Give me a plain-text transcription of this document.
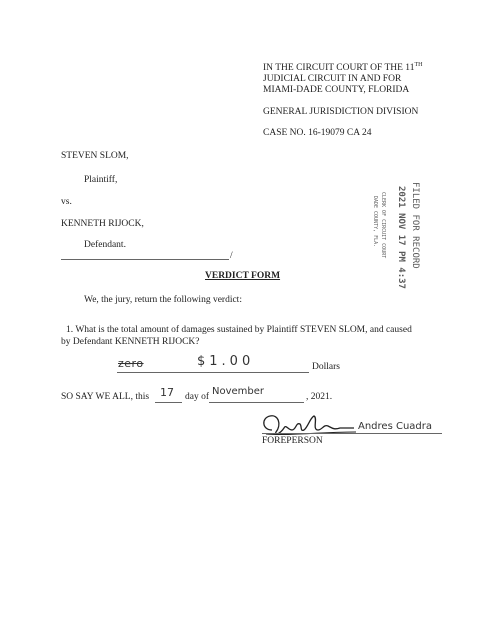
IN THE CIRCUIT COURT OF THE 11TH
JUDICIAL CIRCUIT IN AND FOR
MIAMI-DADE COUNTY, FLORIDA
GENERAL JURISDICTION DIVISION
CASE NO. 16-19079 CA 24
STEVEN SLOM,
Plaintiff,
vs.
KENNETH RIJOCK,
Defendant.
/	FILED FOR RECORD
2021 NOV 17 PM 4:37
CLERK OF CIRCUIT COURT
DADE COUNTY, FLA.
VERDICT FORM
We, the jury, return the following verdict:
1. What is the total amount of damages sustained by Plaintiff STEVEN SLOM, and caused
by Defendant KENNETH RIJOCK?
zero	$1.00	Dollars
SO SAY WE ALL, this 17 day of November	, 2021.
Andres Cuadra
FOREPERSON
